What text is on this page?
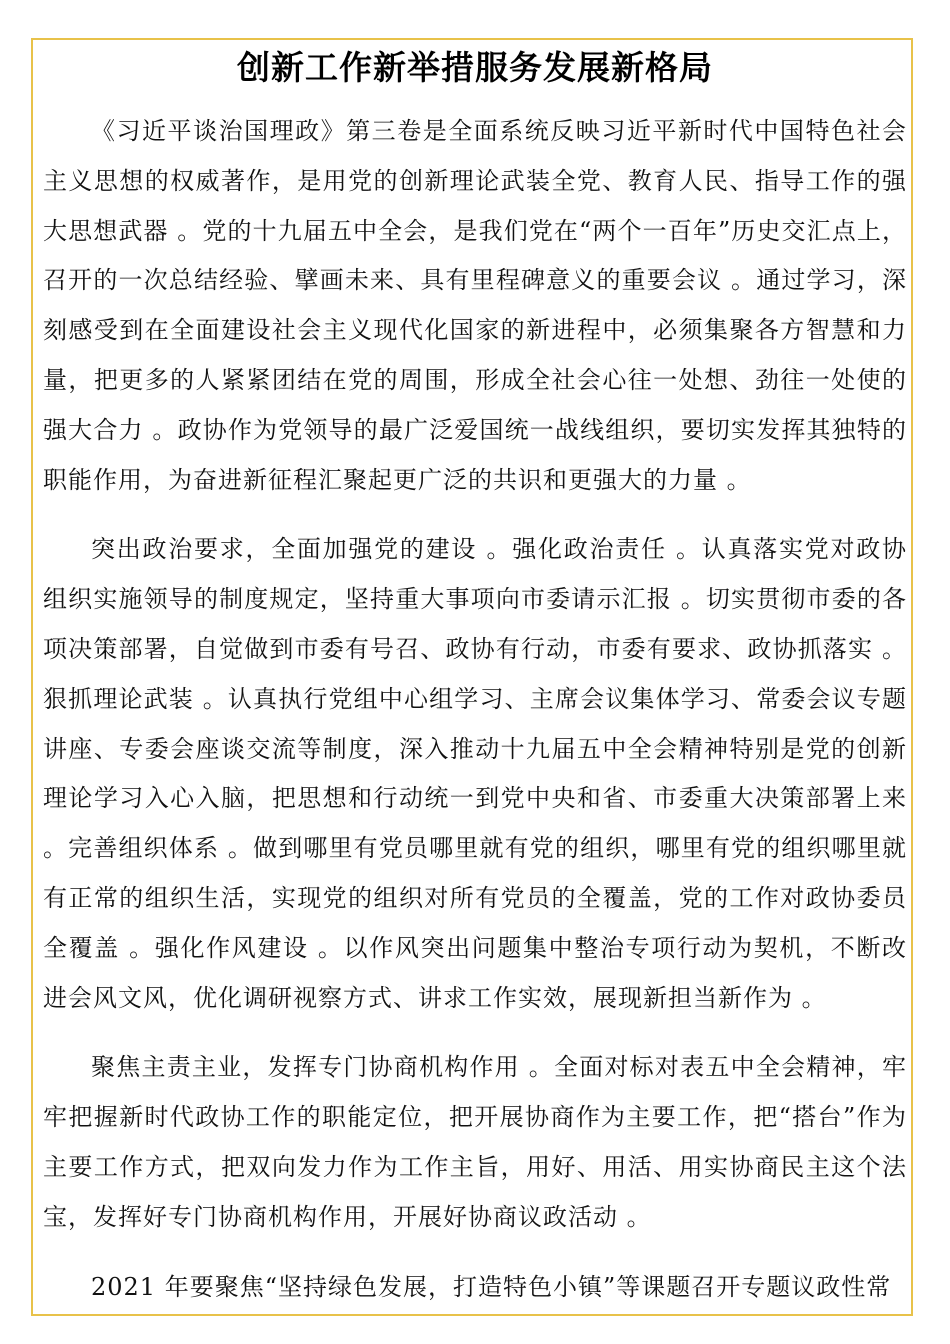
创新工作新举措服务发展新格局

《习近平谈治国理政》第三卷是全面系统反映习近平新时代中国特色社会主义思想的权威著作，是用党的创新理论武装全党、教育人民、指导工作的强大思想武器 。党的十九届五中全会，是我们党在“两个一百年”历史交汇点上，召开的一次总结经验、擘画未来、具有里程碑意义的重要会议 。通过学习，深刻感受到在全面建设社会主义现代化国家的新进程中，必须集聚各方智慧和力量，把更多的人紧紧团结在党的周围，形成全社会心往一处想、劲往一处使的强大合力 。政协作为党领导的最广泛爱国统一战线组织，要切实发挥其独特的职能作用，为奋进新征程汇聚起更广泛的共识和更强大的力量 。

突出政治要求，全面加强党的建设 。强化政治责任 。认真落实党对政协组织实施领导的制度规定，坚持重大事项向市委请示汇报 。切实贯彻市委的各项决策部署，自觉做到市委有号召、政协有行动，市委有要求、政协抓落实 。狠抓理论武装 。认真执行党组中心组学习、主席会议集体学习、常委会议专题讲座、专委会座谈交流等制度，深入推动十九届五中全会精神特别是党的创新理论学习入心入脑，把思想和行动统一到党中央和省、市委重大决策部署上来 。完善组织体系 。做到哪里有党员哪里就有党的组织，哪里有党的组织哪里就有正常的组织生活，实现党的组织对所有党员的全覆盖，党的工作对政协委员全覆盖 。强化作风建设 。以作风突出问题集中整治专项行动为契机，不断改进会风文风，优化调研视察方式、讲求工作实效，展现新担当新作为 。

聚焦主责主业，发挥专门协商机构作用 。全面对标对表五中全会精神，牢牢把握新时代政协工作的职能定位，把开展协商作为主要工作，把“搭台”作为主要工作方式，把双向发力作为工作主旨，用好、用活、用实协商民主这个法宝，发挥好专门协商机构作用，开展好协商议政活动 。

2021 年要聚焦“坚持绿色发展，打造特色小镇”等课题召开专题议政性常
